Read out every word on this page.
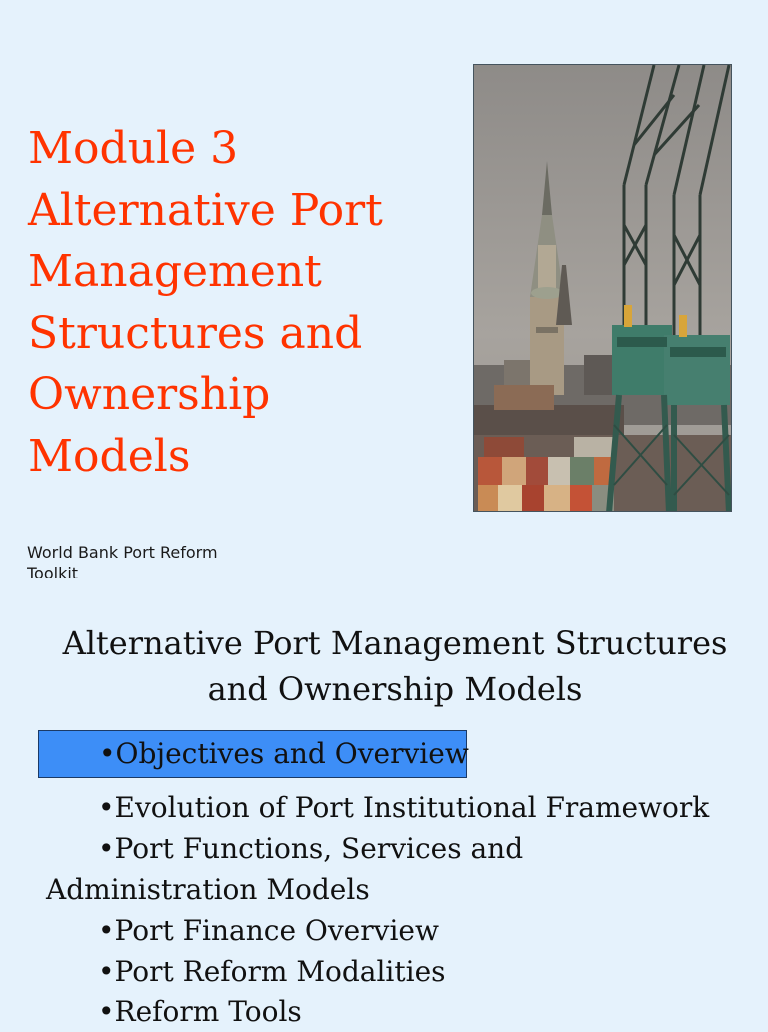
Module 3
Alternative Port
Management
Structures and
Ownership
Models
World Bank Port Reform Toolkit
Alternative Port Management Structures
and Ownership Models
•Objectives and Overview
•Evolution of Port Institutional Framework
•Port Functions, Services and
Administration Models
•Port Finance Overview
•Port Reform Modalities
•Reform Tools
